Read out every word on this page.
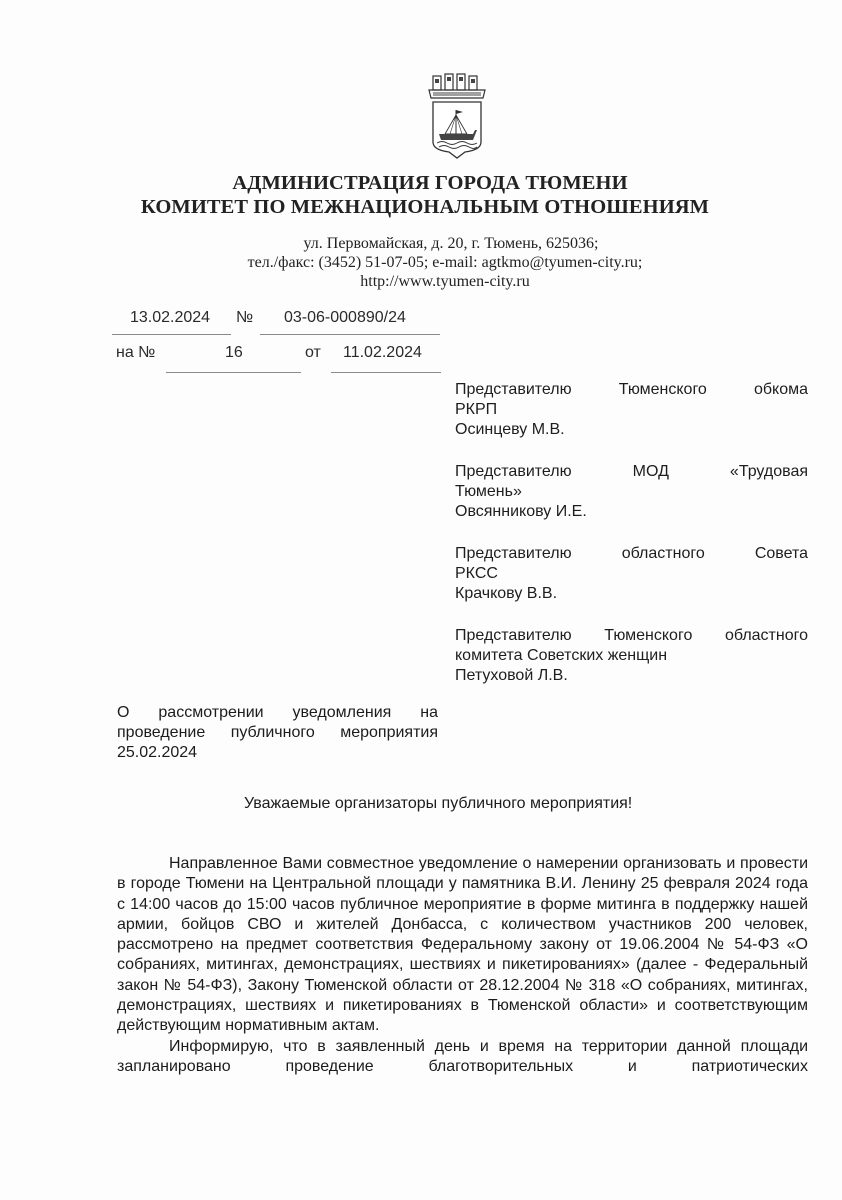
АДМИНИСТРАЦИЯ ГОРОДА ТЮМЕНИ
КОМИТЕТ ПО МЕЖНАЦИОНАЛЬНЫМ ОТНОШЕНИЯМ
ул. Первомайская, д. 20, г. Тюмень, 625036;
тел./факс: (3452) 51-07-05; e-mail: agtkmo@tyumen-city.ru;
http://www.tyumen-city.ru
13.02.2024 № 03-06-000890/24
на №	16	от 11.02.2024
Представителю Тюменского обкома
РКРП
Осинцеву М.В.
Представителю МОД «Трудовая
Тюмень»
Овсянникову И.Е.
Представителю областного Совета
РКСС
Крачкову В.В.
Представителю Тюменского областного
комитета Советских женщин
Петуховой Л.В.
О рассмотрении уведомления на
проведение публичного мероприятия
25.02.2024
Уважаемые организаторы публичного мероприятия!

Направленное Вами совместное уведомление о намерении организовать и провести в городе Тюмени на Центральной площади у памятника В.И. Ленину 25 февраля 2024 года с 14:00 часов до 15:00 часов публичное мероприятие в форме митинга в поддержку нашей армии, бойцов СВО и жителей Донбасса, с количеством участников 200 человек, рассмотрено на предмет соответствия Федеральному закону от 19.06.2004 № 54-ФЗ «О собраниях, митингах, демонстрациях, шествиях и пикетированиях» (далее - Федеральный закон № 54-ФЗ), Закону Тюменской области от 28.12.2004 № 318 «О собраниях, митингах, демонстрациях, шествиях и пикетированиях в Тюменской области» и соответствующим действующим нормативным актам.

Информирую, что в заявленный день и время на территории данной площади запланировано проведение благотворительных и патриотических
